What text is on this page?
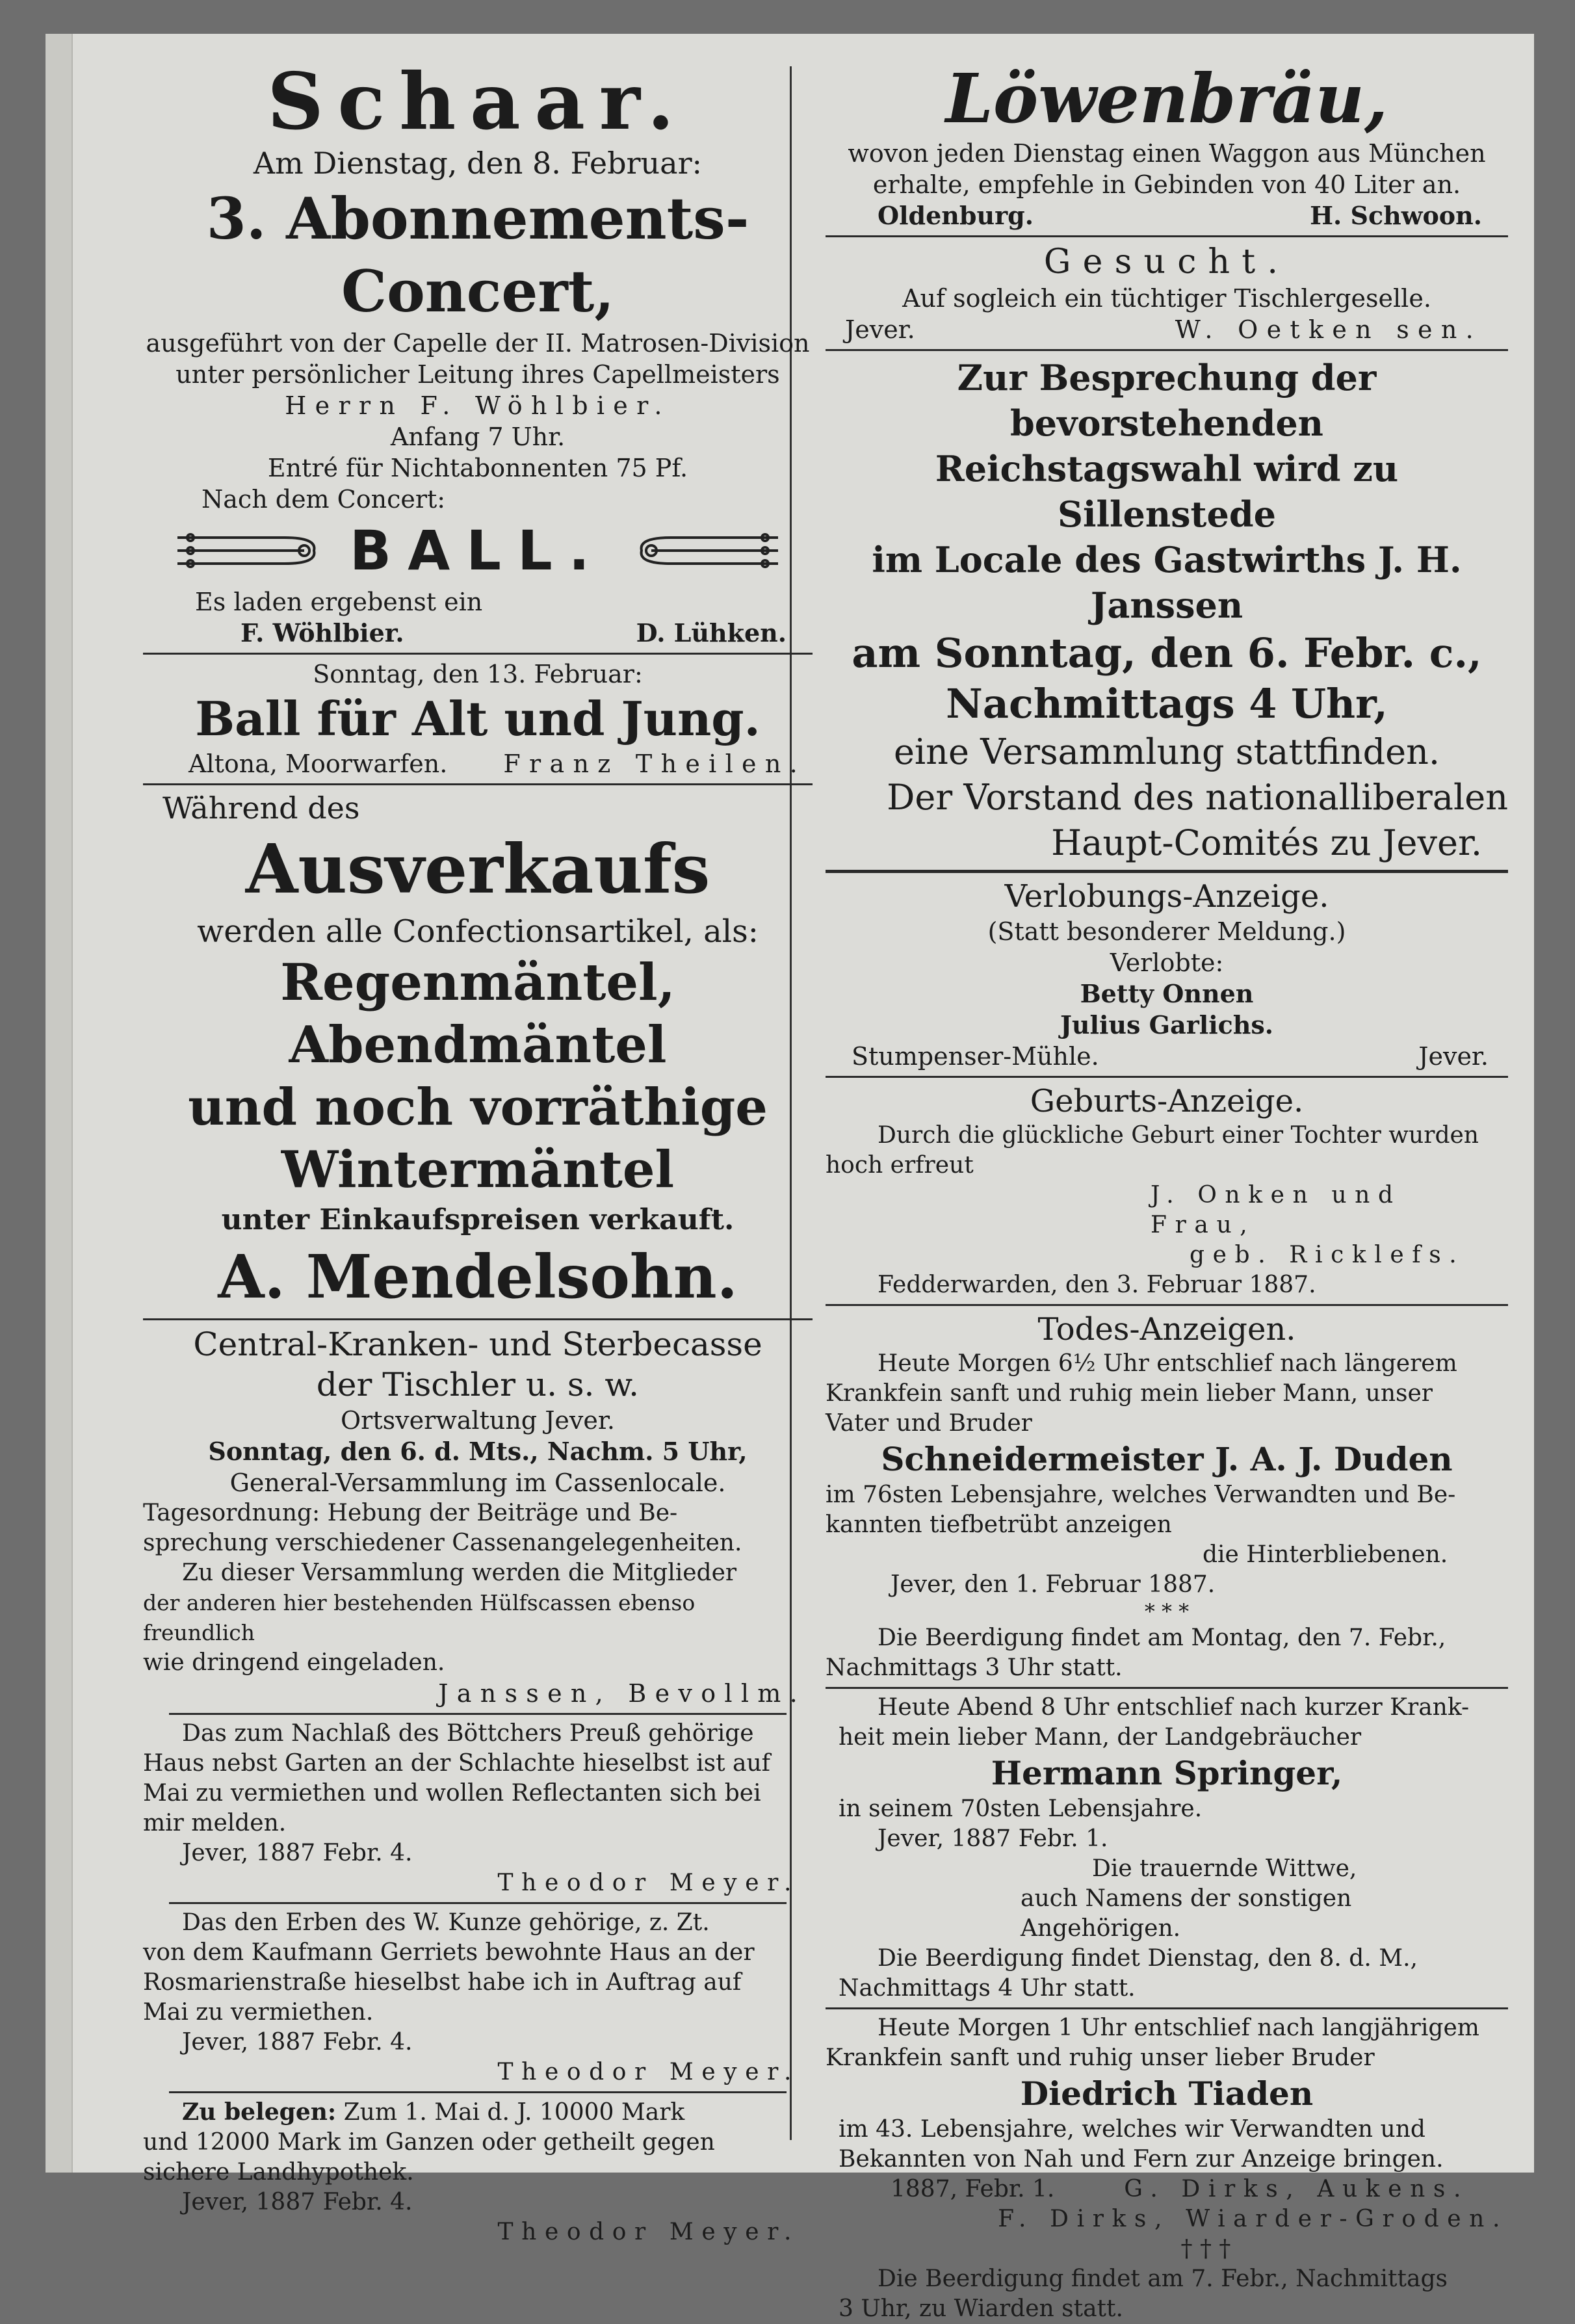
Schaar.

Am Dienstag, den 8. Februar:

3. Abonnements-Concert,

ausgeführt von der Capelle der II. Matrosen-Division

unter persönlicher Leitung ihres Capellmeisters

Herrn F. Wöhlbier.

Anfang 7 Uhr.

Entré für Nichtabonnenten 75 Pf.

Nach dem Concert:

BALL.

Es laden ergebenst ein

F. Wöhlbier.	D. Lühken.

Sonntag, den 13. Februar:

Ball für Alt und Jung.

Altona, Moorwarfen. Franz Theilen.

Während des

Ausverkaufs

werden alle Confectionsartikel, als:

Regenmäntel, Abendmäntel

und noch vorräthige

Wintermäntel

unter Einkaufspreisen verkauft.

A. Mendelsohn.

Central-Kranken- und Sterbecasse

der Tischler u. s. w.

Ortsverwaltung Jever.

Sonntag, den 6. d. Mts., Nachm. 5 Uhr,

General-Versammlung im Cassenlocale.

Tagesordnung: Hebung der Beiträge und Be-

sprechung verschiedener Cassenangelegenheiten.

Zu dieser Versammlung werden die Mitglieder

der anderen hier bestehenden Hülfscassen ebenso freundlich

wie dringend eingeladen.

Janssen, Bevollm.

Das zum Nachlaß des Böttchers Preuß gehörige

Haus nebst Garten an der Schlachte hieselbst ist auf

Mai zu vermiethen und wollen Reflectanten sich bei

mir melden.

Jever, 1887 Febr. 4.

Theodor Meyer.

Das den Erben des W. Kunze gehörige, z. Zt.

von dem Kaufmann Gerriets bewohnte Haus an der

Rosmarienstraße hieselbst habe ich in Auftrag auf

Mai zu vermiethen.

Jever, 1887 Febr. 4.

Theodor Meyer.

Zu belegen: Zum 1. Mai d. J. 10000 Mark

und 12000 Mark im Ganzen oder getheilt gegen

sichere Landhypothek.

Jever, 1887 Febr. 4.

Theodor Meyer.

Löwenbräu,

wovon jeden Dienstag einen Waggon aus München

erhalte, empfehle in Gebinden von 40 Liter an.

Oldenburg.	H. Schwoon.

Gesucht.

Auf sogleich ein tüchtiger Tischlergeselle.

Jever.	W. Oetken sen.

Zur Besprechung der bevorstehenden

Reichstagswahl wird zu Sillenstede

im Locale des Gastwirths J. H. Janssen

am Sonntag, den 6. Febr. c.,

Nachmittags 4 Uhr,

eine Versammlung stattfinden.

Der Vorstand des nationalliberalen

Haupt-Comités zu Jever.

Verlobungs-Anzeige.

(Statt besonderer Meldung.)

Verlobte:

Betty Onnen

Julius Garlichs.

Stumpenser-Mühle.	Jever.

Geburts-Anzeige.

Durch die glückliche Geburt einer Tochter wurden

hoch erfreut

J. Onken und Frau,

geb. Ricklefs.

Fedderwarden, den 3. Februar 1887.

Todes-Anzeigen.

Heute Morgen 6½ Uhr entschlief nach längerem

Krankfein sanft und ruhig mein lieber Mann, unser

Vater und Bruder

Schneidermeister J. A. J. Duden

im 76sten Lebensjahre, welches Verwandten und Be-

kannten tiefbetrübt anzeigen

die Hinterbliebenen.

Jever, den 1. Februar 1887.

* * *

Die Beerdigung findet am Montag, den 7. Febr.,

Nachmittags 3 Uhr statt.

Heute Abend 8 Uhr entschlief nach kurzer Krank-

heit mein lieber Mann, der Landgebräucher

Hermann Springer,

in seinem 70sten Lebensjahre.

Jever, 1887 Febr. 1.

Die trauernde Wittwe,

auch Namens der sonstigen Angehörigen.

Die Beerdigung findet Dienstag, den 8. d. M.,

Nachmittags 4 Uhr statt.

Heute Morgen 1 Uhr entschlief nach langjährigem

Krankfein sanft und ruhig unser lieber Bruder

Diedrich Tiaden

im 43. Lebensjahre, welches wir Verwandten und

Bekannten von Nah und Fern zur Anzeige bringen.

1887, Febr. 1.	G. Dirks, Aukens.

F. Dirks, Wiarder-Groden.

† † †

Die Beerdigung findet am 7. Febr., Nachmittags

3 Uhr, zu Wiarden statt.
